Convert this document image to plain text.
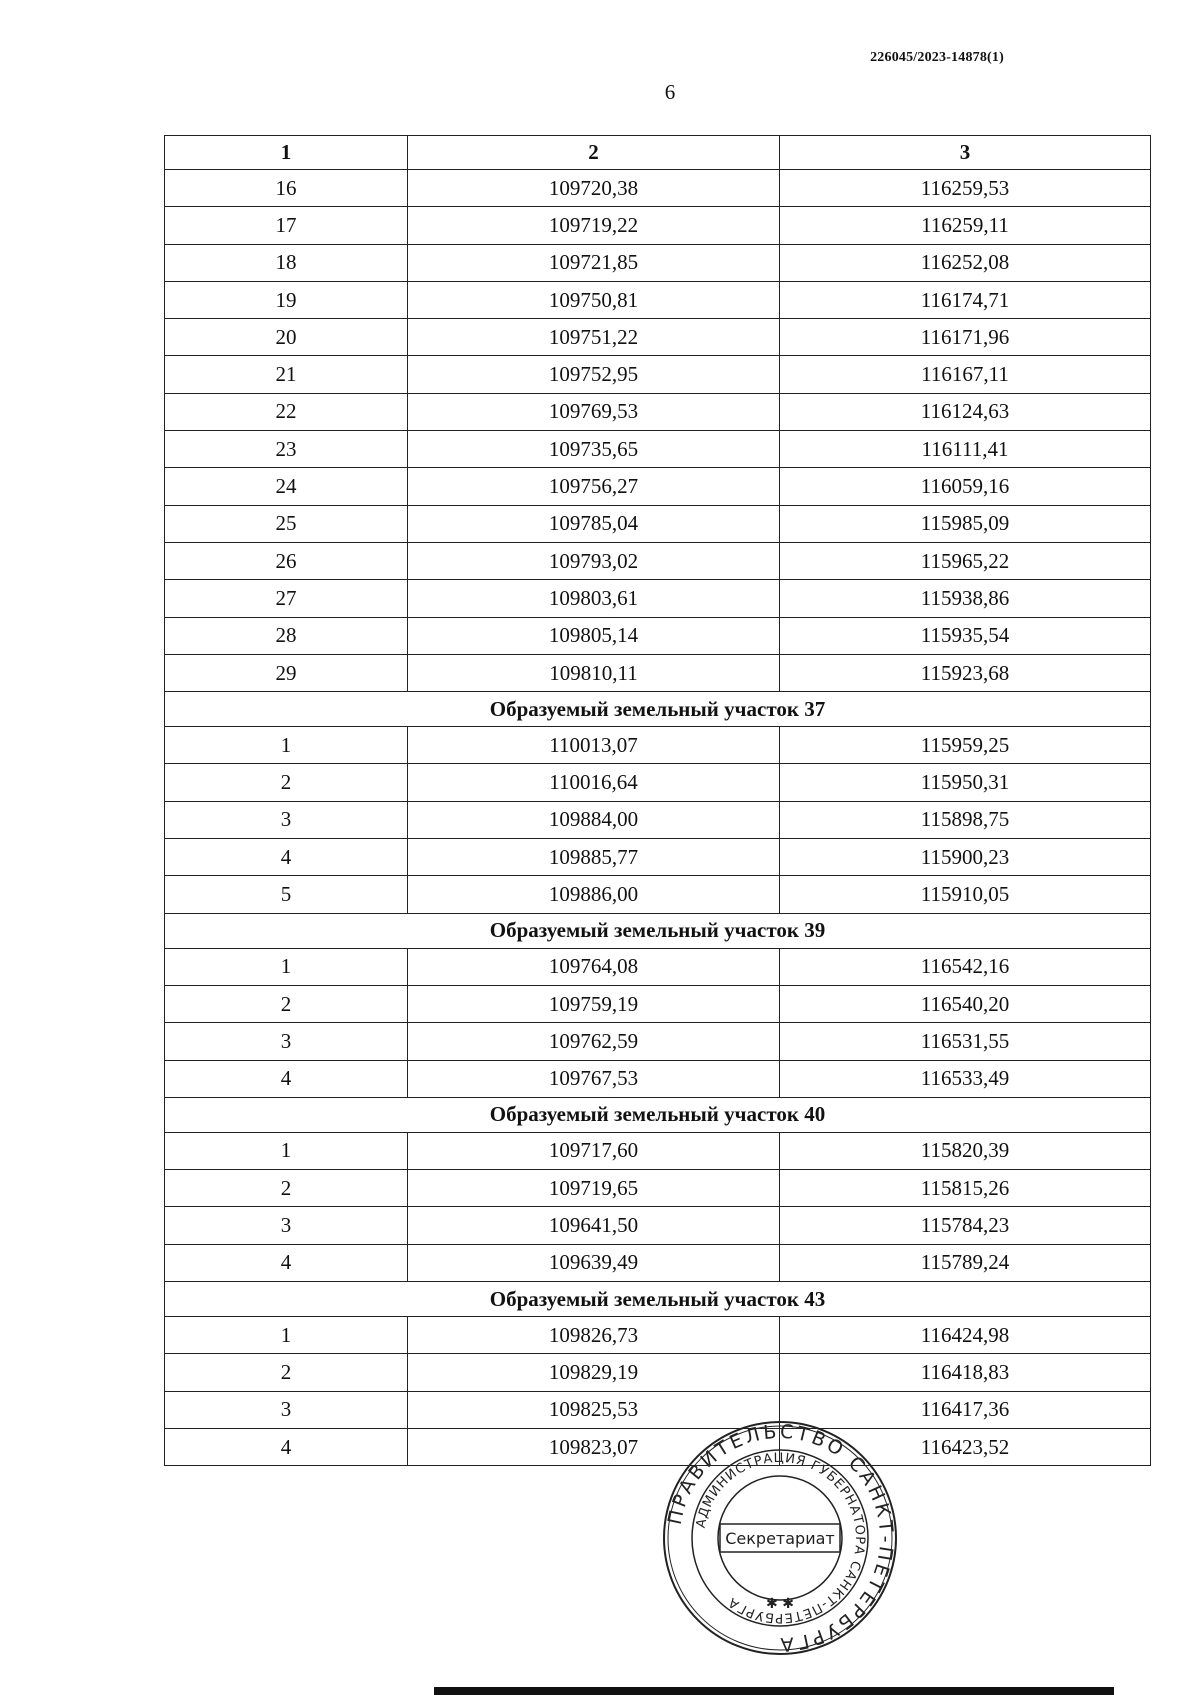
226045/2023-14878(1)
6
1	2	3
16	109720,38	116259,53
17	109719,22	116259,11
18	109721,85	116252,08
19	109750,81	116174,71
20	109751,22	116171,96
21	109752,95	116167,11
22	109769,53	116124,63
23	109735,65	116111,41
24	109756,27	116059,16
25	109785,04	115985,09
26	109793,02	115965,22
27	109803,61	115938,86
28	109805,14	115935,54
29	109810,11	115923,68
Образуемый земельный участок 37		
1	110013,07	115959,25
2	110016,64	115950,31
3	109884,00	115898,75
4	109885,77	115900,23
5	109886,00	115910,05
Образуемый земельный участок 39		
1	109764,08	116542,16
2	109759,19	116540,20
3	109762,59	116531,55
4	109767,53	116533,49
Образуемый земельный участок 40		
1	109717,60	115820,39
2	109719,65	115815,26
3	109641,50	115784,23
4	109639,49	115789,24
Образуемый земельный участок 43		
1	109826,73	116424,98
2	109829,19	116418,83
3	109825,53	116417,36
4	109823,07	116423,52
ПРАВИТЕЛЬСТВО САНКТ-ПЕТЕРБУРГА
АДМИНИСТРАЦИЯ ГУБЕРНАТОРА САНКТ-ПЕТЕРБУРГА
Секретариат
✱ ✱
